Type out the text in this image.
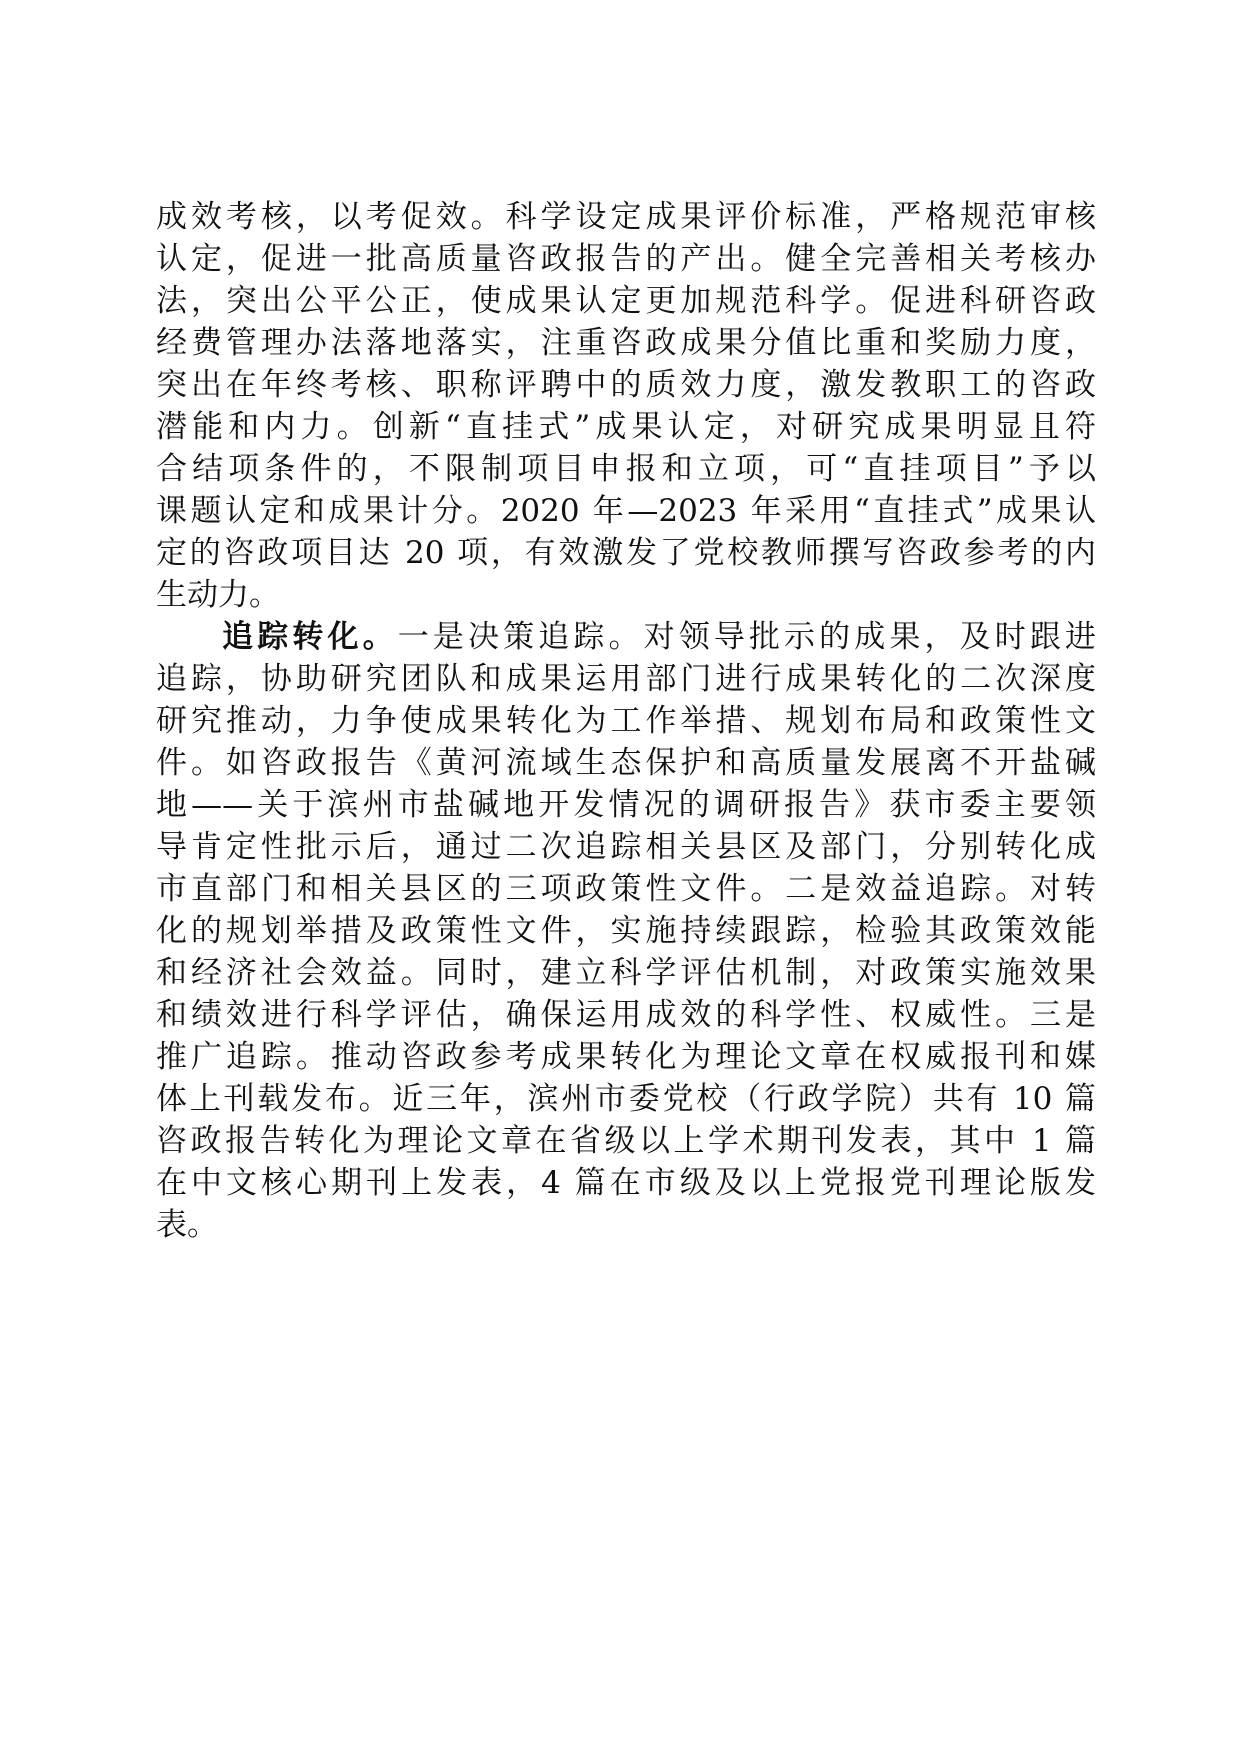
成效考核，以考促效。科学设定成果评价标准，严格规范审核
认定，促进一批高质量咨政报告的产出。健全完善相关考核办
法，突出公平公正，使成果认定更加规范科学。促进科研咨政
经费管理办法落地落实，注重咨政成果分值比重和奖励力度，
突出在年终考核、职称评聘中的质效力度，激发教职工的咨政
潜能和内力。创新“直挂式”成果认定，对研究成果明显且符
合结项条件的，不限制项目申报和立项，可“直挂项目”予以
课题认定和成果计分。2020 年—2023 年采用“直挂式”成果认
定的咨政项目达 20 项，有效激发了党校教师撰写咨政参考的内
生动力。
追踪转化。一是决策追踪。对领导批示的成果，及时跟进
追踪，协助研究团队和成果运用部门进行成果转化的二次深度
研究推动，力争使成果转化为工作举措、规划布局和政策性文
件。如咨政报告《黄河流域生态保护和高质量发展离不开盐碱
地——关于滨州市盐碱地开发情况的调研报告》获市委主要领
导肯定性批示后，通过二次追踪相关县区及部门，分别转化成
市直部门和相关县区的三项政策性文件。二是效益追踪。对转
化的规划举措及政策性文件，实施持续跟踪，检验其政策效能
和经济社会效益。同时，建立科学评估机制，对政策实施效果
和绩效进行科学评估，确保运用成效的科学性、权威性。三是
推广追踪。推动咨政参考成果转化为理论文章在权威报刊和媒
体上刊载发布。近三年，滨州市委党校（行政学院）共有 10 篇
咨政报告转化为理论文章在省级以上学术期刊发表，其中 1 篇
在中文核心期刊上发表，4 篇在市级及以上党报党刊理论版发
表。
